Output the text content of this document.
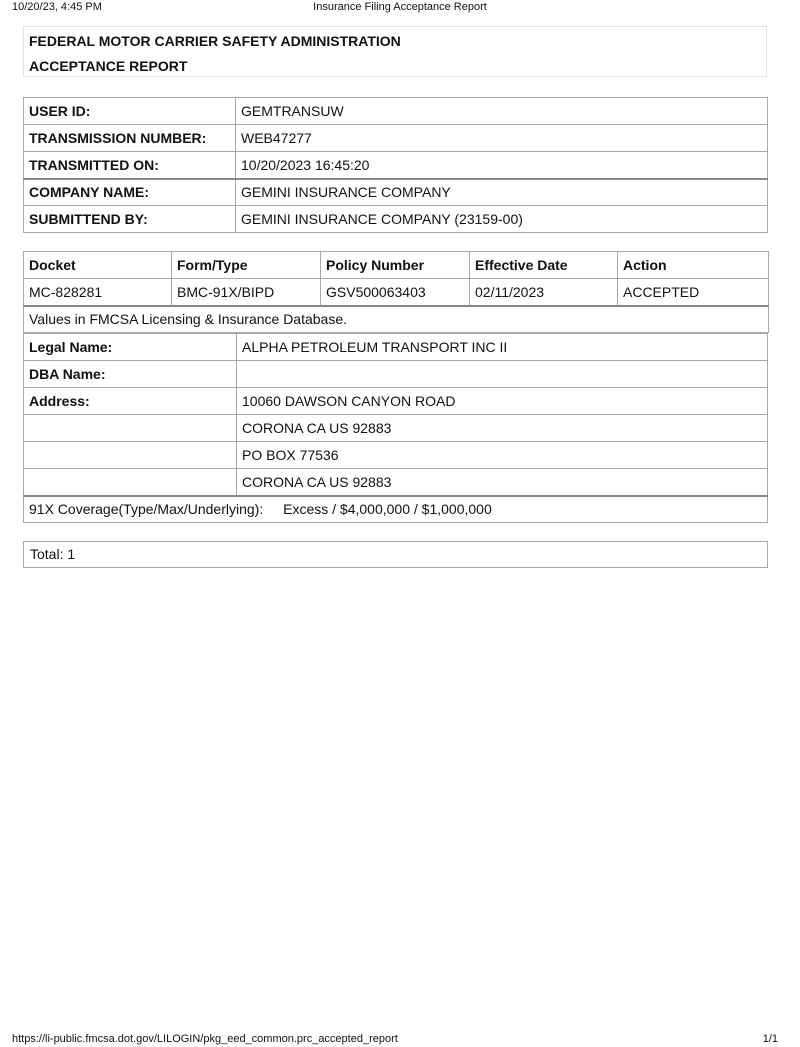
10/20/23, 4:45 PM	Insurance Filing Acceptance Report
FEDERAL MOTOR CARRIER SAFETY ADMINISTRATION
ACCEPTANCE REPORT
USER ID:	GEMTRANSUW
TRANSMISSION NUMBER:	WEB47277
TRANSMITTED ON:	10/20/2023 16:45:20
COMPANY NAME:	GEMINI INSURANCE COMPANY
SUBMITTEND BY:	GEMINI INSURANCE COMPANY (23159-00)
Docket	Form/Type	Policy Number	Effective Date	Action
MC-828281	BMC-91X/BIPD	GSV500063403	02/11/2023	ACCEPTED
Values in FMCSA Licensing & Insurance Database.				
Legal Name:	ALPHA PETROLEUM TRANSPORT INC II
DBA Name:	
Address:	10060 DAWSON CANYON ROAD
	CORONA CA US 92883
	PO BOX 77536
	CORONA CA US 92883
91X Coverage(Type/Max/Underlying): Excess / $4,000,000 / $1,000,000	
Total: 1
https://li-public.fmcsa.dot.gov/LILOGIN/pkg_eed_common.prc_accepted_report	1/1
